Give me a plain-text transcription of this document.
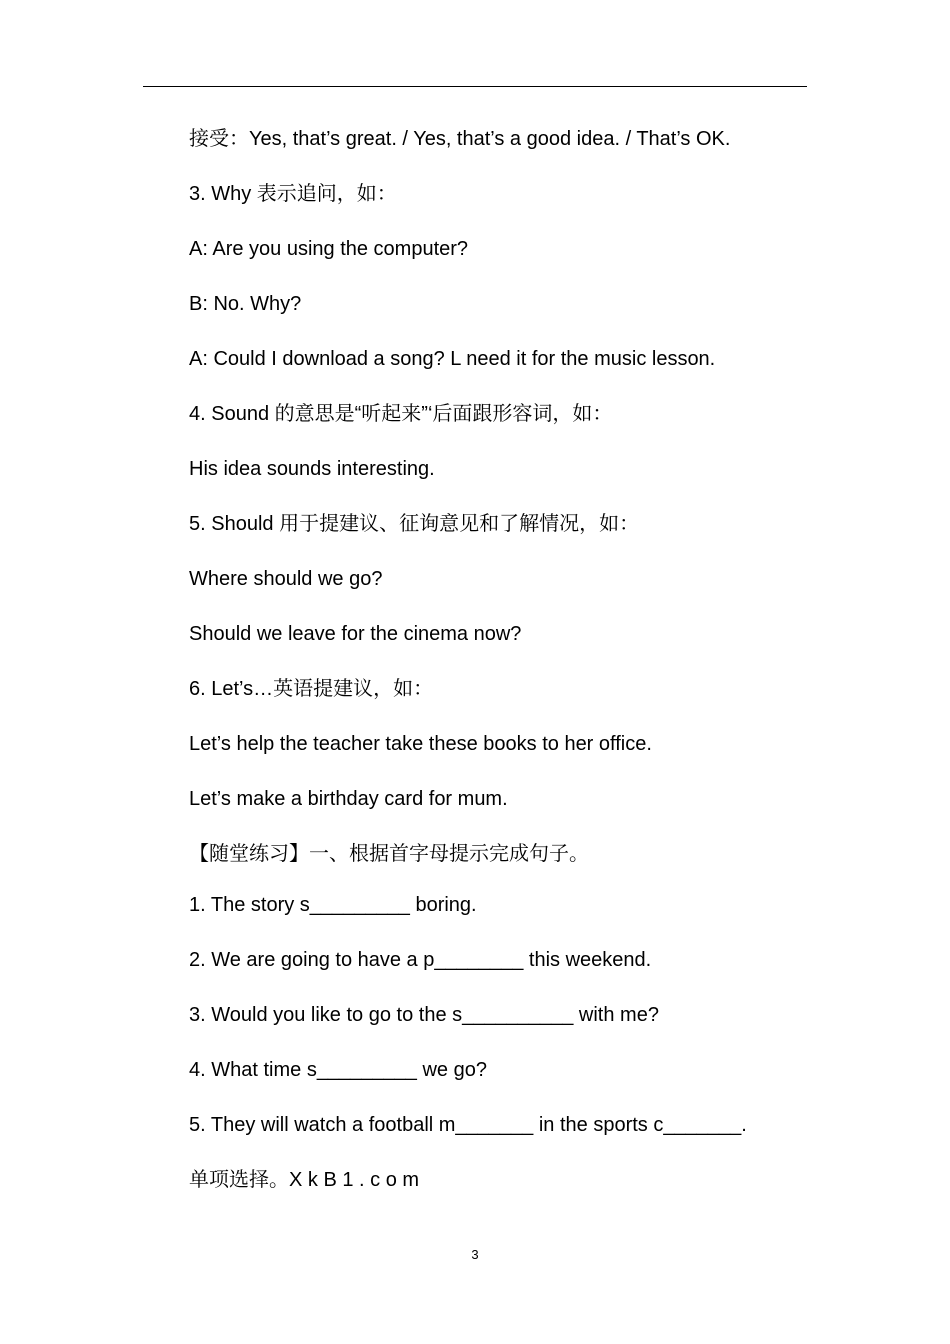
接受：Yes, that’s great. / Yes, that’s a good idea. / That’s OK.
3. Why 表示追问，如：
A: Are you using the computer?
B: No. Why?
A: Could I download a song? L need it for the music lesson.
4. Sound 的意思是“听起来”‘后面跟形容词，如：
His idea sounds interesting.
5. Should 用于提建议、征询意见和了解情况，如：
Where should we go?
Should we leave for the cinema now?
6. Let’s…英语提建议，如：
Let’s help the teacher take these books to her office.
Let’s make a birthday card for mum.
【随堂练习】一、根据首字母提示完成句子。
1. The story s_________ boring.
2. We are going to have a p________ this weekend.
3. Would you like to go to the s__________ with me?
4. What time s_________ we go?
5. They will watch a football m_______ in the sports c_______.
单项选择。X k B 1 . c o m
3
